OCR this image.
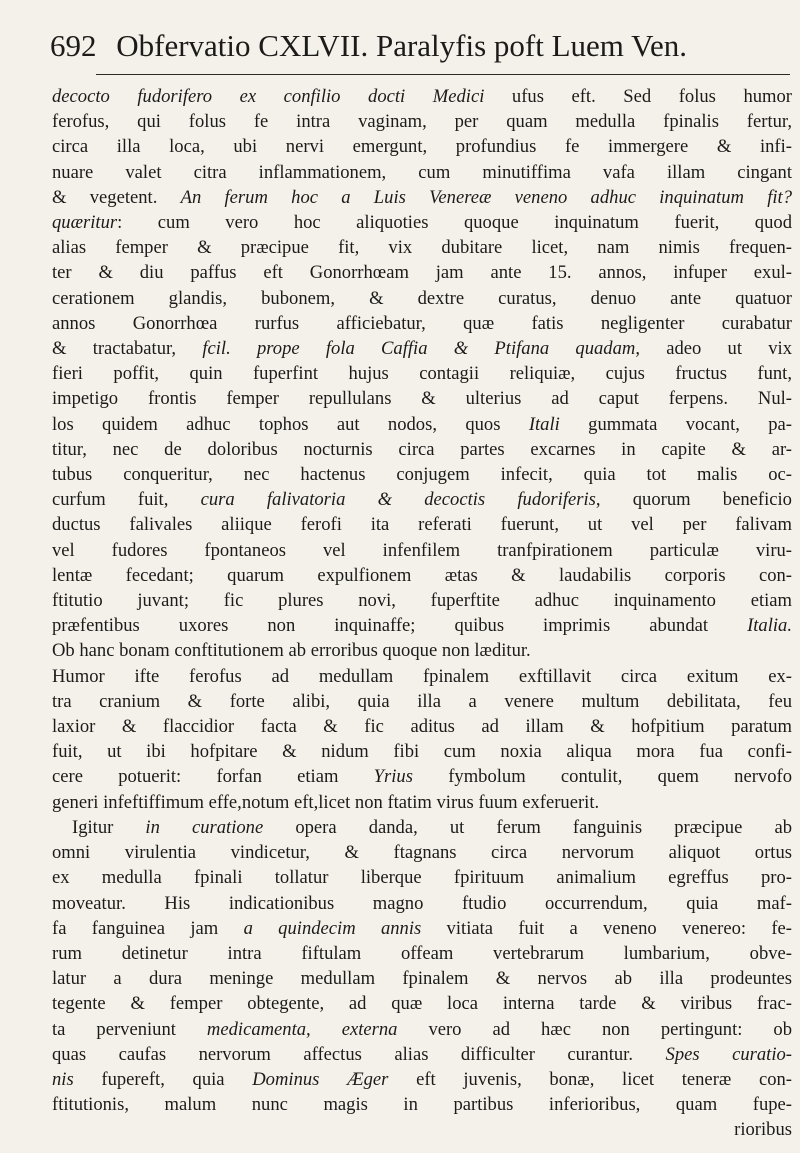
692 Obfervatio CXLVII. Paralyfis poft Luem Ven.

decocto fudorifero ex confilio docti Medici ufus eft. Sed folus humor

ferofus, qui folus fe intra vaginam, per quam medulla fpinalis fertur,

circa illa loca, ubi nervi emergunt, profundius fe immergere & infi-

nuare valet citra inflammationem, cum minutiffima vafa illam cingant

& vegetent. An ferum hoc a Luis Venereæ veneno adhuc inquinatum fit?

quæritur: cum vero hoc aliquoties quoque inquinatum fuerit, quod

alias femper & præcipue fit, vix dubitare licet, nam nimis frequen-

ter & diu paffus eft Gonorrhœam jam ante 15. annos, infuper exul-

cerationem glandis, bubonem, & dextre curatus, denuo ante quatuor

annos Gonorrhœa rurfus afficiebatur, quæ fatis negligenter curabatur

& tractabatur, fcil. prope fola Caffia & Ptifana quadam, adeo ut vix

fieri poffit, quin fuperfint hujus contagii reliquiæ, cujus fructus funt,

impetigo frontis femper repullulans & ulterius ad caput ferpens. Nul-

los quidem adhuc tophos aut nodos, quos Itali gummata vocant, pa-

titur, nec de doloribus nocturnis circa partes excarnes in capite & ar-

tubus conqueritur, nec hactenus conjugem infecit, quia tot malis oc-

curfum fuit, cura falivatoria & decoctis fudoriferis, quorum beneficio

ductus falivales aliique ferofi ita referati fuerunt, ut vel per falivam

vel fudores fpontaneos vel infenfilem tranfpirationem particulæ viru-

lentæ fecedant; quarum expulfionem ætas & laudabilis corporis con-

ftitutio juvant; fic plures novi, fuperftite adhuc inquinamento etiam

præfentibus uxores non inquinaffe; quibus imprimis abundat Italia.

Ob hanc bonam conftitutionem ab erroribus quoque non læditur.

Humor ifte ferofus ad medullam fpinalem exftillavit circa exitum ex-

tra cranium & forte alibi, quia illa a venere multum debilitata, feu

laxior & flaccidior facta & fic aditus ad illam & hofpitium paratum

fuit, ut ibi hofpitare & nidum fibi cum noxia aliqua mora fua confi-

cere potuerit: forfan etiam Yrius fymbolum contulit, quem nervofo

generi infeftiffimum effe,notum eft,licet non ftatim virus fuum exferuerit.

Igitur in curatione opera danda, ut ferum fanguinis præcipue ab

omni virulentia vindicetur, & ftagnans circa nervorum aliquot ortus

ex medulla fpinali tollatur liberque fpirituum animalium egreffus pro-

moveatur. His indicationibus magno ftudio occurrendum, quia maf-

fa fanguinea jam a quindecim annis vitiata fuit a veneno venereo: fe-

rum detinetur intra fiftulam offeam vertebrarum lumbarium, obve-

latur a dura meninge medullam fpinalem & nervos ab illa prodeuntes

tegente & femper obtegente, ad quæ loca interna tarde & viribus frac-

ta perveniunt medicamenta, externa vero ad hæc non pertingunt: ob

quas caufas nervorum affectus alias difficulter curantur. Spes curatio-

nis fupereft, quia Dominus Æger eft juvenis, bonæ, licet teneræ con-

ftitutionis, malum nunc magis in partibus inferioribus, quam fupe-

rioribus
